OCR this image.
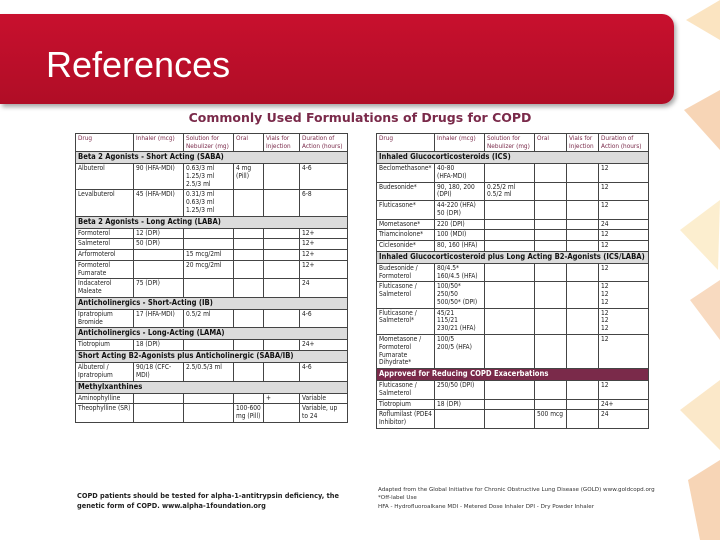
References
Commonly Used Formulations of Drugs for COPD
Drug	Inhaler (mcg)	Solution for Nebulizer (mg)	Oral	Vials for Injection	Duration of Action (hours)
Beta 2 Agonists - Short Acting (SABA)					
Albuterol	90 (HFA-MDI)	0.63/3 ml
1.25/3 ml
2.5/3 ml	4 mg (Pill)		4-6
Levalbuterol	45 (HFA-MDI)	0.31/3 ml
0.63/3 ml
1.25/3 ml			6-8
Beta 2 Agonists - Long Acting (LABA)					
Formoterol	12 (DPI)				12+
Salmeterol	50 (DPI)				12+
Arformoterol		15 mcg/2ml			12+
Formoterol Fumarate		20 mcg/2ml			12+
Indacaterol Maleate	75 (DPI)				24
Anticholinergics - Short-Acting (IB)					
Ipratropium Bromide	17 (HFA-MDI)	0.5/2 ml			4-6
Anticholinergics - Long-Acting (LAMA)					
Tiotropium	18 (DPI)				24+
Short Acting B2-Agonists plus Anticholinergic (SABA/IB)					
Albuterol / Ipratropium	90/18 (CFC-MDI)	2.5/0.5/3 ml			4-6
Methylxanthines					
Aminophylline				+	Variable
Theophylline (SR)			100-600 mg (Pill)		Variable, up to 24
Drug	Inhaler (mcg)	Solution for Nebulizer (mg)	Oral	Vials for Injection	Duration of Action (hours)
Inhaled Glucocorticosteroids (ICS)					
Beclomethasone*	40-80
(HFA-MDI)				12
Budesonide*	90, 180, 200
(DPI)	0.25/2 ml
0.5/2 ml			12
Fluticasone*	44-220 (HFA)
50 (DPI)				12
Mometasone*	220 (DPI)				24
Triamcinolone*	100 (MDI)				12
Ciclesonide*	80, 160 (HFA)				12
Inhaled Glucocorticosteroid plus Long Acting B2-Agonists (ICS/LABA)					
Budesonide / Formoterol	80/4.5*
160/4.5 (HFA)				12
Fluticasone / Salmeterol	100/50*
250/50
500/50* (DPI)				12
12
12
Fluticasone / Salmeterol*	45/21
115/21
230/21 (HFA)				12
12
12
Mometasone / Formoterol Fumarate Dihydrate*	100/5
200/5 (HFA)				12
Approved for Reducing COPD Exacerbations					
Fluticasone / Salmeterol	250/50 (DPI)				12
Tiotropium	18 (DPI)				24+
Roflumilast (PDE4 Inhibitor)			500 mcg		24
COPD patients should be tested for alpha-1-antitrypsin deficiency, the genetic form of COPD. www.alpha-1foundation.org
Adapted from the Global Initiative for Chronic Obstructive Lung Disease (GOLD) www.goldcopd.org
*Off-label Use
HFA - Hydrofluoroalkane MDI - Metered Dose Inhaler DPI - Dry Powder Inhaler
